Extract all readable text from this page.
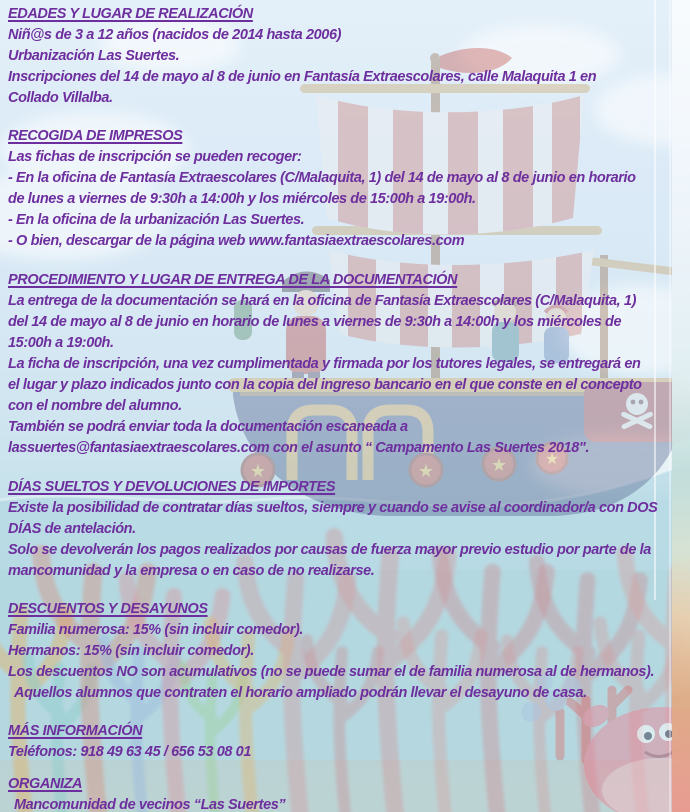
★	★	★ ★
EDADES Y LUGAR DE REALIZACIÓN
Niñ@s de 3 a 12 años (nacidos de 2014 hasta 2006)
Urbanización Las Suertes.
Inscripciones del 14 de mayo al 8 de junio en Fantasía Extraescolares, calle Malaquita 1 en
Collado Villalba.
RECOGIDA DE IMPRESOS
Las fichas de inscripción se pueden recoger:
- En la oficina de Fantasía Extraescolares (C/Malaquita, 1) del 14 de mayo al 8 de junio en horario
de lunes a viernes de 9:30h a 14:00h y los miércoles de 15:00h a 19:00h.
- En la oficina de la urbanización Las Suertes.
- O bien, descargar de la página web www.fantasiaextraescolares.com
PROCEDIMIENTO Y LUGAR DE ENTREGA DE LA DOCUMENTACIÓN
La entrega de la documentación se hará en la oficina de Fantasía Extraescolares (C/Malaquita, 1)
del 14 de mayo al 8 de junio en horario de lunes a viernes de 9:30h a 14:00h y los miércoles de
15:00h a 19:00h.
La ficha de inscripción, una vez cumplimentada y firmada por los tutores legales, se entregará en
el lugar y plazo indicados junto con la copia del ingreso bancario en el que conste en el concepto
con el nombre del alumno.
También se podrá enviar toda la documentación escaneada a
lassuertes@fantasiaextraescolares.com con el asunto “ Campamento Las Suertes 2018".
DÍAS SUELTOS Y DEVOLUCIONES DE IMPORTES
Existe la posibilidad de contratar días sueltos, siempre y cuando se avise al coordinador/a con DOS
DÍAS de antelación.
Solo se devolverán los pagos realizados por causas de fuerza mayor previo estudio por parte de la
mancomunidad y la empresa o en caso de no realizarse.
DESCUENTOS Y DESAYUNOS
Familia numerosa: 15% (sin incluir comedor).
Hermanos: 15% (sin incluir comedor).
Los descuentos NO son acumulativos (no se puede sumar el de familia numerosa al de hermanos).
Aquellos alumnos que contraten el horario ampliado podrán llevar el desayuno de casa.
MÁS INFORMACIÓN
Teléfonos: 918 49 63 45 / 656 53 08 01
ORGANIZA
Mancomunidad de vecinos “Las Suertes”
